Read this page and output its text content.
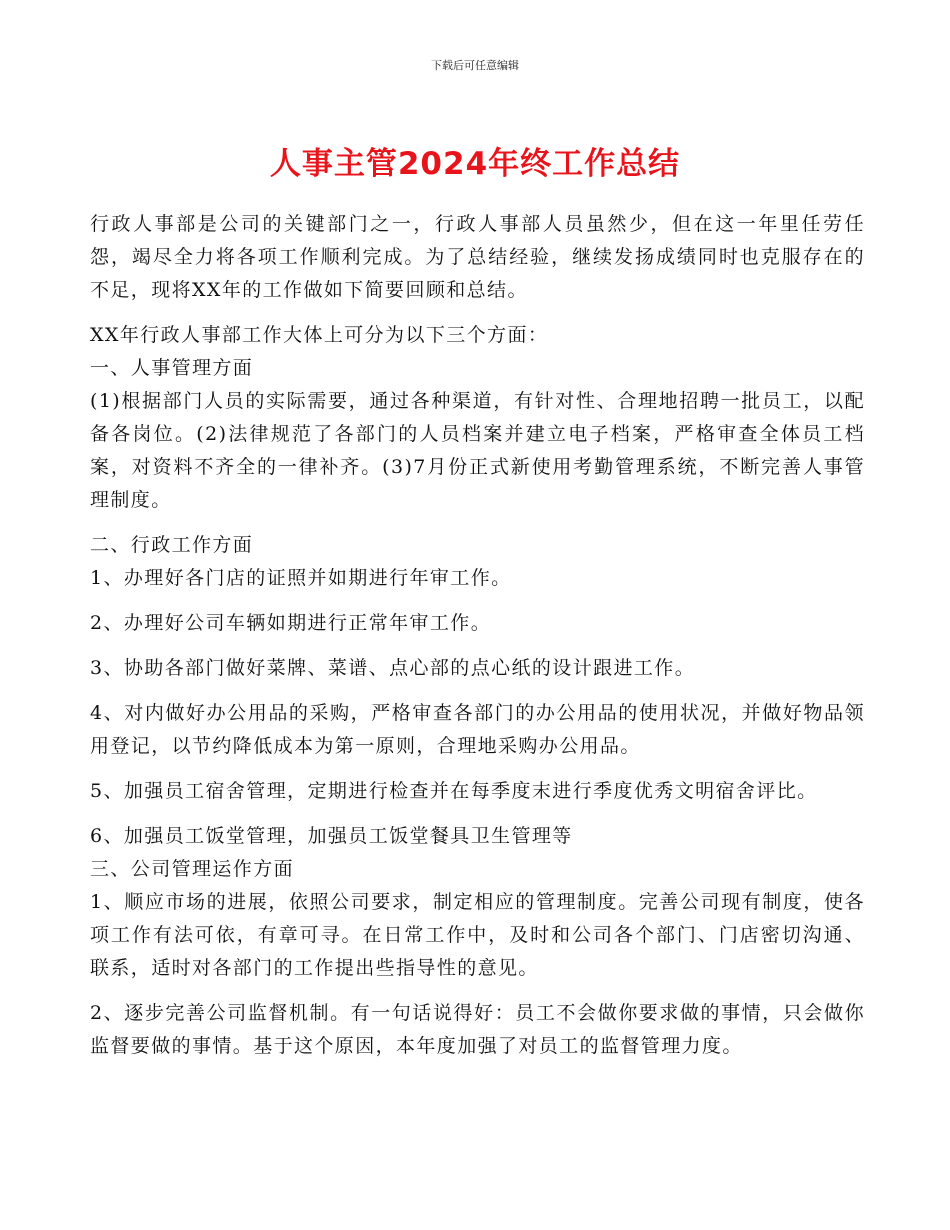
下载后可任意编辑
人事主管2024年终工作总结

行政人事部是公司的关键部门之一，行政人事部人员虽然少，但在这一年里任劳任怨，竭尽全力将各项工作顺利完成。为了总结经验，继续发扬成绩同时也克服存在的不足，现将XX年的工作做如下简要回顾和总结。

XX年行政人事部工作大体上可分为以下三个方面：

一、人事管理方面

(1)根据部门人员的实际需要，通过各种渠道，有针对性、合理地招聘一批员工，以配备各岗位。(2)法律规范了各部门的人员档案并建立电子档案，严格审查全体员工档案，对资料不齐全的一律补齐。(3)7月份正式新使用考勤管理系统，不断完善人事管理制度。

二、行政工作方面

1、办理好各门店的证照并如期进行年审工作。

2、办理好公司车辆如期进行正常年审工作。

3、协助各部门做好菜牌、菜谱、点心部的点心纸的设计跟进工作。

4、对内做好办公用品的采购，严格审查各部门的办公用品的使用状况，并做好物品领用登记，以节约降低成本为第一原则，合理地采购办公用品。

5、加强员工宿舍管理，定期进行检查并在每季度末进行季度优秀文明宿舍评比。

6、加强员工饭堂管理，加强员工饭堂餐具卫生管理等

三、公司管理运作方面

1、顺应市场的进展，依照公司要求，制定相应的管理制度。完善公司现有制度，使各项工作有法可依，有章可寻。在日常工作中，及时和公司各个部门、门店密切沟通、联系，适时对各部门的工作提出些指导性的意见。

2、逐步完善公司监督机制。有一句话说得好：员工不会做你要求做的事情，只会做你监督要做的事情。基于这个原因，本年度加强了对员工的监督管理力度。
